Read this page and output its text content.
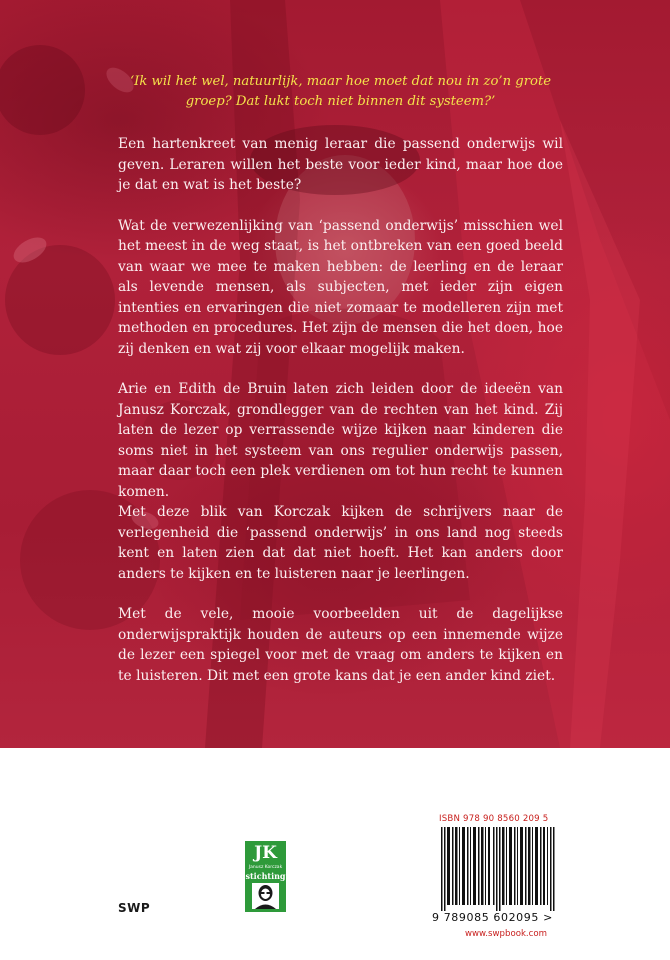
‘Ik wil het wel, natuurlijk, maar hoe moet dat nou in zo’n grote groep? Dat lukt toch niet binnen dit systeem?’

Een hartenkreet van menig leraar die passend onderwijs wil geven. Leraren willen het beste voor ieder kind, maar hoe doe je dat en wat is het beste?

Wat de verwezenlijking van ‘passend onderwijs’ misschien wel het meest in de weg staat, is het ontbreken van een goed beeld van waar we mee te maken hebben: de leerling en de leraar als levende mensen, als subjecten, met ieder zijn eigen intenties en ervaringen die niet zomaar te modelleren zijn met methoden en procedures. Het zijn de mensen die het doen, hoe zij denken en wat zij voor elkaar mogelijk maken.

Arie en Edith de Bruin laten zich leiden door de ideeën van Janusz Korczak, grondlegger van de rechten van het kind. Zij laten de lezer op verrassende wijze kijken naar kinderen die soms niet in het systeem van ons regulier onderwijs passen, maar daar toch een plek verdienen om tot hun recht te kunnen komen.

Met deze blik van Korczak kijken de schrijvers naar de verlegenheid die ‘passend onderwijs’ in ons land nog steeds kent en laten zien dat dat niet hoeft. Het kan anders door anders te kijken en te luisteren naar je leerlingen.

Met de vele, mooie voorbeelden uit de dagelijkse onderwijspraktijk houden de auteurs op een innemende wijze de lezer een spiegel voor met de vraag om anders te kijken en te luisteren. Dit met een grote kans dat je een ander kind ziet.

SWP
JK
Janusz Korczak
stichting
ISBN 978 90 8560 209 5
9 789085 602095 >
www.swpbook.com
